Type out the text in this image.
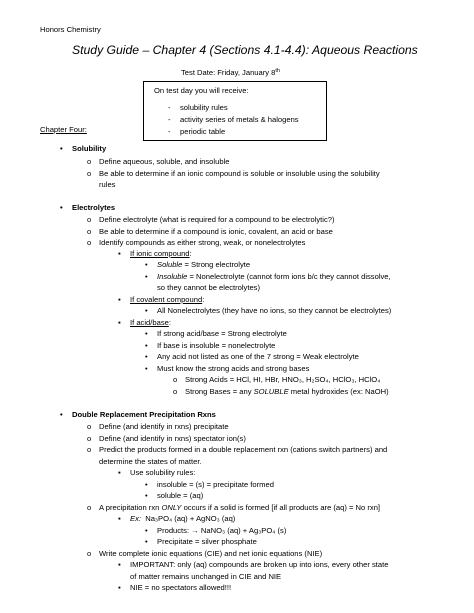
Honors Chemistry
Study Guide – Chapter 4 (Sections 4.1-4.4): Aqueous Reactions
Test Date: Friday, January 8th
On test day you will receive:
- solubility rules
- activity series of metals & halogens
- periodic table
Chapter Four:
• Solubility
o Define aqueous, soluble, and insoluble
o Be able to determine if an ionic compound is soluble or insoluble using the solubility
rules
• Electrolytes
o Define electrolyte (what is required for a compound to be electrolytic?)
o Be able to determine if a compound is ionic, covalent, an acid or base
o Identify compounds as either strong, weak, or nonelectrolytes
▪ If ionic compound:
• Soluble = Strong electrolyte
• Insoluble = Nonelectrolyte (cannot form ions b/c they cannot dissolve,
so they cannot be electrolytes)
▪ If covalent compound:
• All Nonelectrolytes (they have no ions, so they cannot be electrolytes)
▪ If acid/base:
• If strong acid/base = Strong electrolyte
• If base is insoluble = nonelectrolyte
• Any acid not listed as one of the 7 strong = Weak electrolyte
• Must know the strong acids and strong bases
o Strong Acids = HCl, HI, HBr, HNO₃, H₂SO₄, HClO₃, HClO₄
o Strong Bases = any SOLUBLE metal hydroxides (ex: NaOH)
• Double Replacement Precipitation Rxns
o Define (and identify in rxns) precipitate
o Define (and identify in rxns) spectator ion(s)
o Predict the products formed in a double replacement rxn (cations switch partners) and
determine the states of matter.
▪ Use solubility rules:
• insoluble = (s) = precipitate formed
• soluble = (aq)
o A precipitation rxn ONLY occurs if a solid is formed [if all products are (aq) = No rxn]
▪ Ex: Na₃PO₄ (aq) + AgNO₃ (aq)
• Products: → NaNO₃ (aq) + Ag₃PO₄ (s)
• Precipitate = silver phosphate
o Write complete ionic equations (CIE) and net ionic equations (NIE)
▪ IMPORTANT: only (aq) compounds are broken up into ions, every other state
of matter remains unchanged in CIE and NIE
▪ NIE = no spectators allowed!!!
